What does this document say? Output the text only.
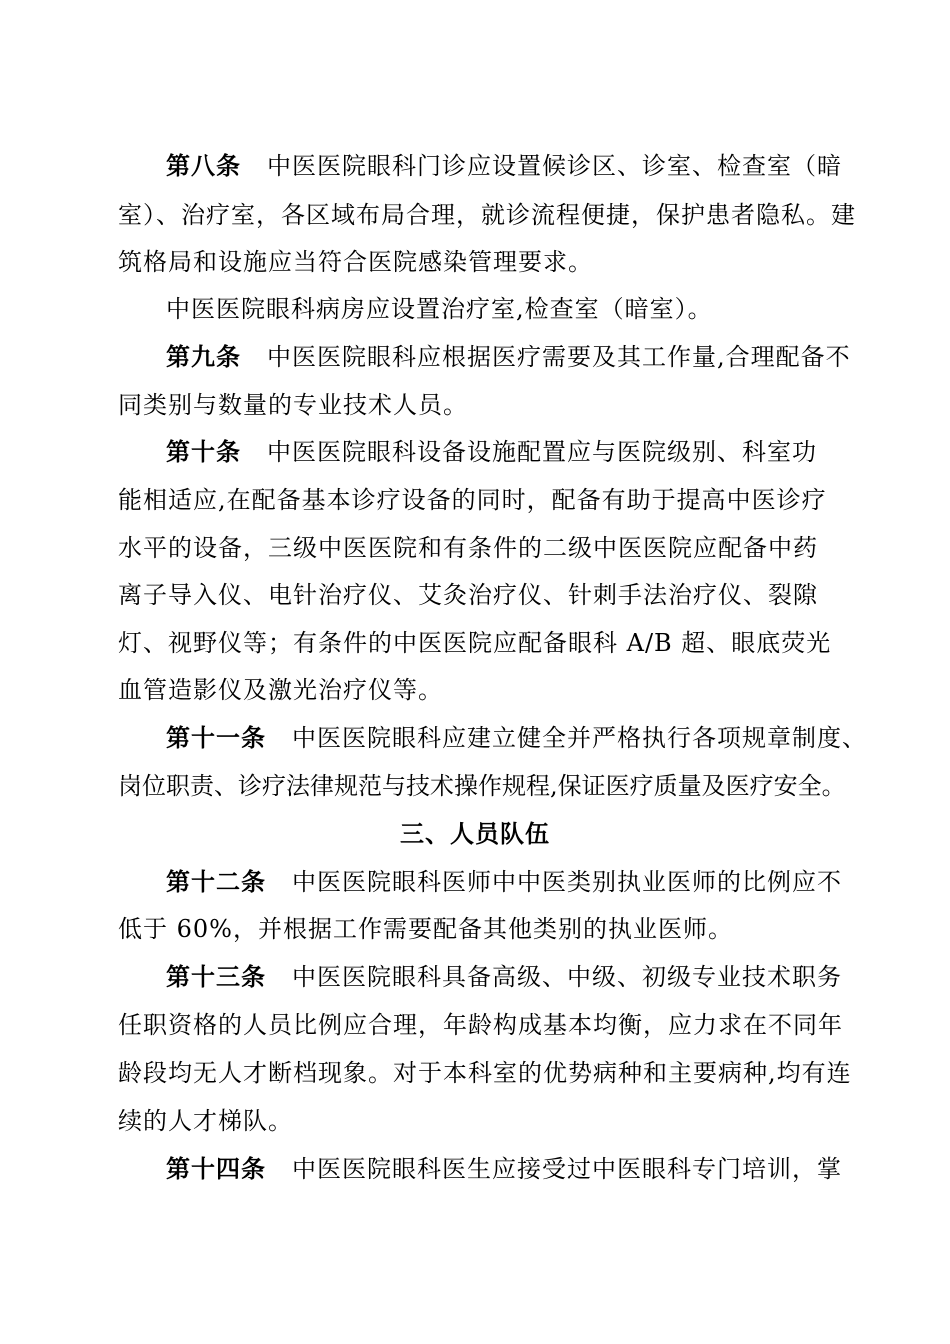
第八条 中医医院眼科门诊应设置候诊区、诊室、检查室（暗
室）、治疗室，各区域布局合理，就诊流程便捷，保护患者隐私。建
筑格局和设施应当符合医院感染管理要求。
中医医院眼科病房应设置治疗室,检查室（暗室）。
第九条 中医医院眼科应根据医疗需要及其工作量,合理配备不
同类别与数量的专业技术人员。
第十条 中医医院眼科设备设施配置应与医院级别、科室功
能相适应,在配备基本诊疗设备的同时，配备有助于提高中医诊疗
水平的设备，三级中医医院和有条件的二级中医医院应配备中药
离子导入仪、电针治疗仪、艾灸治疗仪、针刺手法治疗仪、裂隙
灯、视野仪等；有条件的中医医院应配备眼科 A/B 超、眼底荧光
血管造影仪及激光治疗仪等。
第十一条 中医医院眼科应建立健全并严格执行各项规章制度、
岗位职责、诊疗法律规范与技术操作规程,保证医疗质量及医疗安全。
三、人员队伍
第十二条 中医医院眼科医师中中医类别执业医师的比例应不
低于 60%，并根据工作需要配备其他类别的执业医师。
第十三条 中医医院眼科具备高级、中级、初级专业技术职务
任职资格的人员比例应合理，年龄构成基本均衡，应力求在不同年
龄段均无人才断档现象。对于本科室的优势病种和主要病种,均有连
续的人才梯队。
第十四条 中医医院眼科医生应接受过中医眼科专门培训，掌
